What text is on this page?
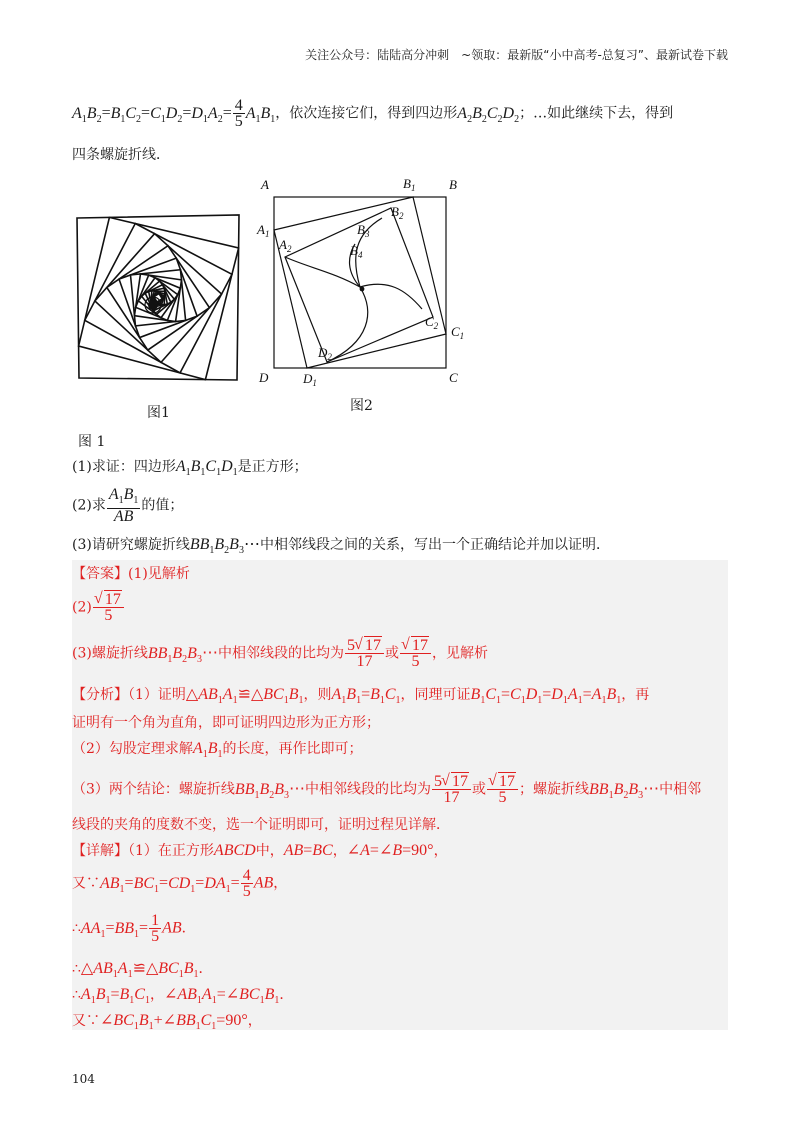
关注公众号：陆陆高分冲刺　~领取：最新版“小中高考-总复习”、最新试卷下载
$A_1B_2=B_1C_2=C_1D_2=D_1A_2= \frac{4}{5} A_1B_1$，依次连接它们，得到四边形$A_2B_2C_2D_2$；…如此继续下去，得到
四条螺旋折线．
图1
A	$B_1$	B
$B_2$
$B_3$
$B_4$
$A_1$
$A_2$
$C_2$ $C_1$
$D_2$
D	$D_1$	C
图2
图 1
(1)求证：四边形$A_1B_1C_1D_1$是正方形；
(2)求 $\frac{A_1B_1}{AB}$ 的值；
(3)请研究螺旋折线$BB_1B_2B_3\cdots$中相邻线段之间的关系，写出一个正确结论并加以证明．
【答案】(1)见解析
(2) √ $\frac{17}{5}$
(3)螺旋折线$BB_1B_2B_3\cdots$中相邻线段的比均为 $\frac{5 √ 17}{17}$ 或 √ $\frac{17}{5}$ ，见解析
【分析】（1）证明$\triangle AB_1A_1≌\triangle BC_1B_1$，则$A_1B_1=B_1C_1$，同理可证$B_1C_1=C_1D_1=D_1A_1=A_1B_1$，再
证明有一个角为直角，即可证明四边形为正方形；
（2）勾股定理求解$A_1B_1$的长度，再作比即可；
（3）两个结论：螺旋折线$BB_1B_2B_3\cdots$中相邻线段的比均为 $\frac{5 √ 17}{17}$ 或 √ $\frac{17}{5}$ ；螺旋折线$BB_1B_2B_3\cdots$中相邻
线段的夹角的度数不变，选一个证明即可，证明过程见详解．
【详解】（1）在正方形ABCD中，AB=BC，∠A=∠B=90°，
又$\because AB_1=BC_1=CD_1=DA_1= \frac{4}{5}$ AB，
$\therefore AA_1=BB_1= \frac{1}{5}$ AB．
$\therefore\triangle AB_1A_1≌\triangle BC_1B_1$．
$\therefore A_1B_1=B_1C_1$，$\angle AB_1A_1=\angle BC_1B_1$．
又$\because\angle BC_1B_1+\angle BB_1C_1=90^\circ$，
104
